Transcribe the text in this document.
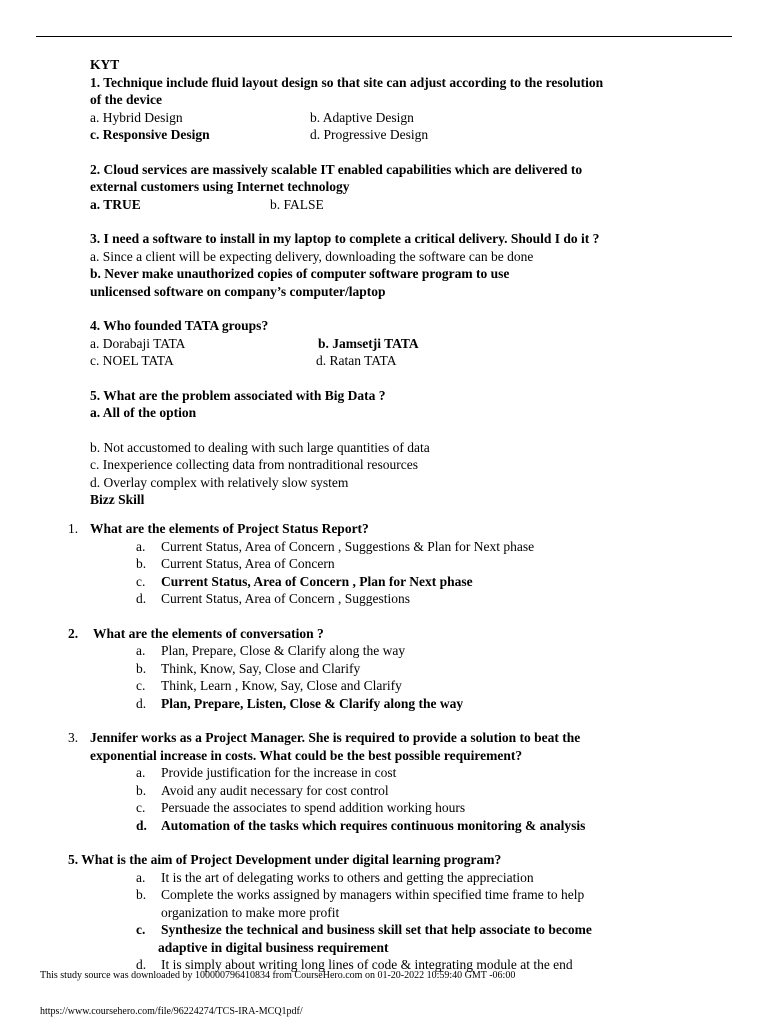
KYT
1. Technique include fluid layout design so that site can adjust according to the resolution
of the device
a. Hybrid Design	b. Adaptive Design
c. Responsive Design	d. Progressive Design
2. Cloud services are massively scalable IT enabled capabilities which are delivered to
external customers using Internet technology
a. TRUE	b. FALSE
3. I need a software to install in my laptop to complete a critical delivery. Should I do it ?
a. Since a client will be expecting delivery, downloading the software can be done
b. Never make unauthorized copies of computer software program to use
unlicensed software on company’s computer/laptop
4. Who founded TATA groups?
a. Dorabaji TATA	b. Jamsetji TATA
c. NOEL TATA	d. Ratan TATA
5. What are the problem associated with Big Data ?
a. All of the option
b. Not accustomed to dealing with such large quantities of data
c. Inexperience collecting data from nontraditional resources
d. Overlay complex with relatively slow system
Bizz Skill
1. What are the elements of Project Status Report?
a. Current Status, Area of Concern , Suggestions & Plan for Next phase
b. Current Status, Area of Concern
c. Current Status, Area of Concern , Plan for Next phase
d. Current Status, Area of Concern , Suggestions
2. What are the elements of conversation ?
a. Plan, Prepare, Close & Clarify along the way
b. Think, Know, Say, Close and Clarify
c. Think, Learn , Know, Say, Close and Clarify
d. Plan, Prepare, Listen, Close & Clarify along the way
3. Jennifer works as a Project Manager. She is required to provide a solution to beat the
exponential increase in costs. What could be the best possible requirement?
a. Provide justification for the increase in cost
b. Avoid any audit necessary for cost control
c. Persuade the associates to spend addition working hours
d. Automation of the tasks which requires continuous monitoring & analysis
5. What is the aim of Project Development under digital learning program?
a. It is the art of delegating works to others and getting the appreciation
b. Complete the works assigned by managers within specified time frame to help
organization to make more profit
c. Synthesize the technical and business skill set that help associate to become
adaptive in digital business requirement
d. It is simply about writing long lines of code & integrating module at the end
This study source was downloaded by 100000796410834 from CourseHero.com on 01-20-2022 10:59:40 GMT -06:00
https://www.coursehero.com/file/96224274/TCS-IRA-MCQ1pdf/
